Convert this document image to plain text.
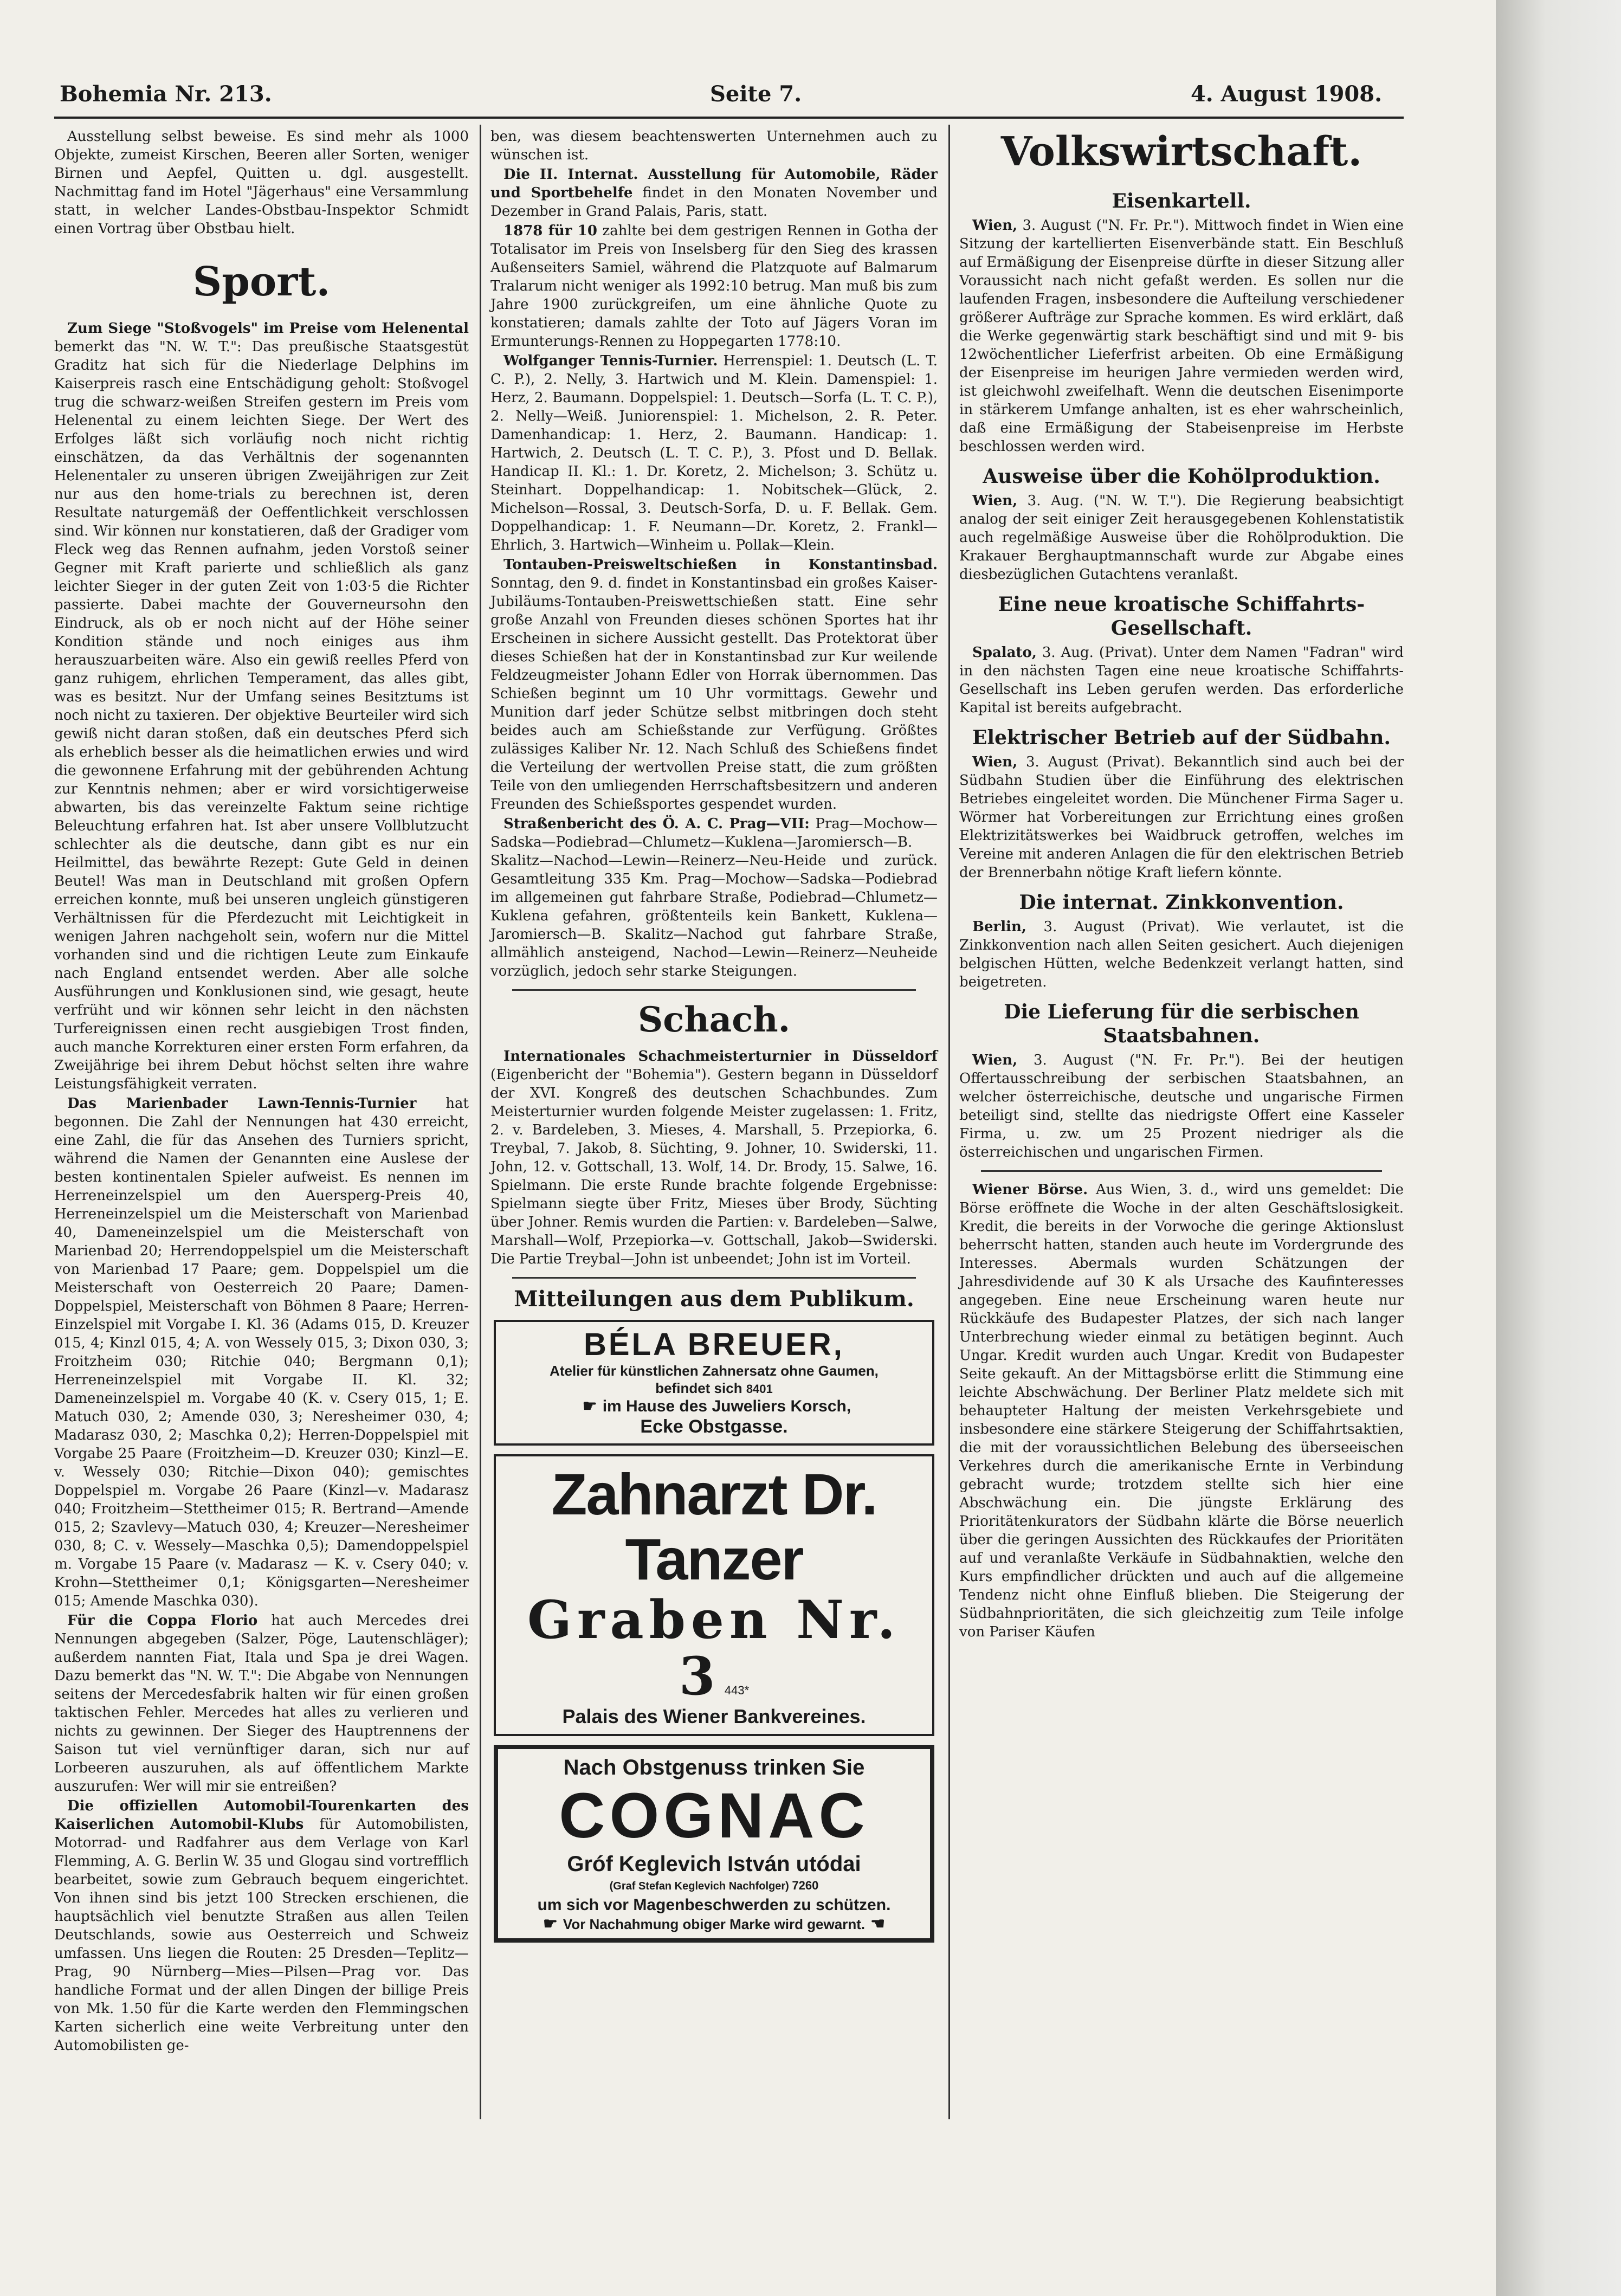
Bohemia Nr. 213.	Seite 7.	4. August 1908.

Ausstellung selbst beweise. Es sind mehr als 1000 Objekte, zumeist Kirschen, Beeren aller Sorten, weniger Birnen und Aepfel, Quitten u. dgl. ausgestellt. Nachmittag fand im Hotel "Jägerhaus" eine Versammlung statt, in welcher Landes-Obstbau-Inspektor Schmidt einen Vortrag über Obstbau hielt.

Sport.

Zum Siege "Stoßvogels" im Preise vom Helenental bemerkt das "N. W. T.": Das preußische Staatsgestüt Graditz hat sich für die Niederlage Delphins im Kaiserpreis rasch eine Entschädigung geholt: Stoßvogel trug die schwarz-weißen Streifen gestern im Preis vom Helenental zu einem leichten Siege. Der Wert des Erfolges läßt sich vorläufig noch nicht richtig einschätzen, da das Verhältnis der sogenannten Helenentaler zu unseren übrigen Zweijährigen zur Zeit nur aus den home-trials zu berechnen ist, deren Resultate naturgemäß der Oeffentlichkeit verschlossen sind. Wir können nur konstatieren, daß der Gradiger vom Fleck weg das Rennen aufnahm, jeden Vorstoß seiner Gegner mit Kraft parierte und schließlich als ganz leichter Sieger in der guten Zeit von 1:03·5 die Richter passierte. Dabei machte der Gouverneursohn den Eindruck, als ob er noch nicht auf der Höhe seiner Kondition stände und noch einiges aus ihm herauszuarbeiten wäre. Also ein gewiß reelles Pferd von ganz ruhigem, ehrlichen Temperament, das alles gibt, was es besitzt. Nur der Umfang seines Besitztums ist noch nicht zu taxieren. Der objektive Beurteiler wird sich gewiß nicht daran stoßen, daß ein deutsches Pferd sich als erheblich besser als die heimatlichen erwies und wird die gewonnene Erfahrung mit der gebührenden Achtung zur Kenntnis nehmen; aber er wird vorsichtigerweise abwarten, bis das vereinzelte Faktum seine richtige Beleuchtung erfahren hat. Ist aber unsere Vollblutzucht schlechter als die deutsche, dann gibt es nur ein Heilmittel, das bewährte Rezept: Gute Geld in deinen Beutel! Was man in Deutschland mit großen Opfern erreichen konnte, muß bei unseren ungleich günstigeren Verhältnissen für die Pferdezucht mit Leichtigkeit in wenigen Jahren nachgeholt sein, wofern nur die Mittel vorhanden sind und die richtigen Leute zum Einkaufe nach England entsendet werden. Aber alle solche Ausführungen und Konklusionen sind, wie gesagt, heute verfrüht und wir können sehr leicht in den nächsten Turfereignissen einen recht ausgiebigen Trost finden, auch manche Korrekturen einer ersten Form erfahren, da Zweijährige bei ihrem Debut höchst selten ihre wahre Leistungsfähigkeit verraten.

Das Marienbader Lawn-Tennis-Turnier hat begonnen. Die Zahl der Nennungen hat 430 erreicht, eine Zahl, die für das Ansehen des Turniers spricht, während die Namen der Genannten eine Auslese der besten kontinentalen Spieler aufweist. Es nennen im Herreneinzelspiel um den Auersperg-Preis 40, Herreneinzelspiel um die Meisterschaft von Marienbad 40, Dameneinzelspiel um die Meisterschaft von Marienbad 20; Herrendoppelspiel um die Meisterschaft von Marienbad 17 Paare; gem. Doppelspiel um die Meisterschaft von Oesterreich 20 Paare; Damen-Doppelspiel, Meisterschaft von Böhmen 8 Paare; Herren-Einzelspiel mit Vorgabe I. Kl. 36 (Adams 015, D. Kreuzer 015, 4; Kinzl 015, 4; A. von Wessely 015, 3; Dixon 030, 3; Froitzheim 030; Ritchie 040; Bergmann 0,1); Herreneinzelspiel mit Vorgabe II. Kl. 32; Dameneinzelspiel m. Vorgabe 40 (K. v. Csery 015, 1; E. Matuch 030, 2; Amende 030, 3; Neresheimer 030, 4; Madarasz 030, 2; Maschka 0,2); Herren-Doppelspiel mit Vorgabe 25 Paare (Froitzheim—D. Kreuzer 030; Kinzl—E. v. Wessely 030; Ritchie—Dixon 040); gemischtes Doppelspiel m. Vorgabe 26 Paare (Kinzl—v. Madarasz 040; Froitzheim—Stettheimer 015; R. Bertrand—Amende 015, 2; Szavlevy—Matuch 030, 4; Kreuzer—Neresheimer 030, 8; C. v. Wessely—Maschka 0,5); Damendoppelspiel m. Vorgabe 15 Paare (v. Madarasz — K. v. Csery 040; v. Krohn—Stettheimer 0,1; Königsgarten—Neresheimer 015; Amende Maschka 030).

Für die Coppa Florio hat auch Mercedes drei Nennungen abgegeben (Salzer, Pöge, Lautenschläger); außerdem nannten Fiat, Itala und Spa je drei Wagen. Dazu bemerkt das "N. W. T.": Die Abgabe von Nennungen seitens der Mercedesfabrik halten wir für einen großen taktischen Fehler. Mercedes hat alles zu verlieren und nichts zu gewinnen. Der Sieger des Hauptrennens der Saison tut viel vernünftiger daran, sich nur auf Lorbeeren auszuruhen, als auf öffentlichem Markte auszurufen: Wer will mir sie entreißen?

Die offiziellen Automobil-Tourenkarten des Kaiserlichen Automobil-Klubs für Automobilisten, Motorrad- und Radfahrer aus dem Verlage von Karl Flemming, A. G. Berlin W. 35 und Glogau sind vortrefflich bearbeitet, sowie zum Gebrauch bequem eingerichtet. Von ihnen sind bis jetzt 100 Strecken erschienen, die hauptsächlich viel benutzte Straßen aus allen Teilen Deutschlands, sowie aus Oesterreich und Schweiz umfassen. Uns liegen die Routen: 25 Dresden—Teplitz—Prag, 90 Nürnberg—Mies—Pilsen—Prag vor. Das handliche Format und der allen Dingen der billige Preis von Mk. 1.50 für die Karte werden den Flemmingschen Karten sicherlich eine weite Verbreitung unter den Automobilisten ge-

ben, was diesem beachtenswerten Unternehmen auch zu wünschen ist.

Die II. Internat. Ausstellung für Automobile, Räder und Sportbehelfe findet in den Monaten November und Dezember in Grand Palais, Paris, statt.

1878 für 10 zahlte bei dem gestrigen Rennen in Gotha der Totalisator im Preis von Inselsberg für den Sieg des krassen Außenseiters Samiel, während die Platzquote auf Balmarum Tralarum nicht weniger als 1992:10 betrug. Man muß bis zum Jahre 1900 zurückgreifen, um eine ähnliche Quote zu konstatieren; damals zahlte der Toto auf Jägers Voran im Ermunterungs-Rennen zu Hoppegarten 1778:10.

Wolfganger Tennis-Turnier. Herrenspiel: 1. Deutsch (L. T. C. P.), 2. Nelly, 3. Hartwich und M. Klein. Damenspiel: 1. Herz, 2. Baumann. Doppelspiel: 1. Deutsch—Sorfa (L. T. C. P.), 2. Nelly—Weiß. Juniorenspiel: 1. Michelson, 2. R. Peter. Damenhandicap: 1. Herz, 2. Baumann. Handicap: 1. Hartwich, 2. Deutsch (L. T. C. P.), 3. Pfost und D. Bellak. Handicap II. Kl.: 1. Dr. Koretz, 2. Michelson; 3. Schütz u. Steinhart. Doppelhandicap: 1. Nobitschek—Glück, 2. Michelson—Rossal, 3. Deutsch-Sorfa, D. u. F. Bellak. Gem. Doppelhandicap: 1. F. Neumann—Dr. Koretz, 2. Frankl—Ehrlich, 3. Hartwich—Winheim u. Pollak—Klein.

Tontauben-Preisweltschießen in Konstantinsbad. Sonntag, den 9. d. findet in Konstantinsbad ein großes Kaiser-Jubiläums-Tontauben-Preiswettschießen statt. Eine sehr große Anzahl von Freunden dieses schönen Sportes hat ihr Erscheinen in sichere Aussicht gestellt. Das Protektorat über dieses Schießen hat der in Konstantinsbad zur Kur weilende Feldzeugmeister Johann Edler von Horrak übernommen. Das Schießen beginnt um 10 Uhr vormittags. Gewehr und Munition darf jeder Schütze selbst mitbringen doch steht beides auch am Schießstande zur Verfügung. Größtes zulässiges Kaliber Nr. 12. Nach Schluß des Schießens findet die Verteilung der wertvollen Preise statt, die zum größten Teile von den umliegenden Herrschaftsbesitzern und anderen Freunden des Schießsportes gespendet wurden.

Straßenbericht des Ö. A. C. Prag—VII: Prag—Mochow—Sadska—Podiebrad—Chlumetz—Kuklena—Jaromiersch—B. Skalitz—Nachod—Lewin—Reinerz—Neu-Heide und zurück. Gesamtleitung 335 Km. Prag—Mochow—Sadska—Podiebrad im allgemeinen gut fahrbare Straße, Podiebrad—Chlumetz—Kuklena gefahren, größtenteils kein Bankett, Kuklena—Jaromiersch—B. Skalitz—Nachod gut fahrbare Straße, allmählich ansteigend, Nachod—Lewin—Reinerz—Neuheide vorzüglich, jedoch sehr starke Steigungen.

Schach.

Internationales Schachmeisterturnier in Düsseldorf (Eigenbericht der "Bohemia"). Gestern begann in Düsseldorf der XVI. Kongreß des deutschen Schachbundes. Zum Meisterturnier wurden folgende Meister zugelassen: 1. Fritz, 2. v. Bardeleben, 3. Mieses, 4. Marshall, 5. Przepiorka, 6. Treybal, 7. Jakob, 8. Süchting, 9. Johner, 10. Swiderski, 11. John, 12. v. Gottschall, 13. Wolf, 14. Dr. Brody, 15. Salwe, 16. Spielmann. Die erste Runde brachte folgende Ergebnisse: Spielmann siegte über Fritz, Mieses über Brody, Süchting über Johner. Remis wurden die Partien: v. Bardeleben—Salwe, Marshall—Wolf, Przepiorka—v. Gottschall, Jakob—Swiderski. Die Partie Treybal—John ist unbeendet; John ist im Vorteil.

Mitteilungen aus dem Publikum.
BÉLA BREUER,
Atelier für künstlichen Zahnersatz ohne Gaumen,
befindet sich 8401
☛ im Hause des Juweliers Korsch,
Ecke Obstgasse.
Zahnarzt Dr. Tanzer
Graben Nr. 3 443*
Palais des Wiener Bankvereines.
Nach Obstgenuss trinken Sie
COGNAC
Gróf Keglevich István utódai
(Graf Stefan Keglevich Nachfolger) 7260
um sich vor Magenbeschwerden zu schützen.
☛ Vor Nachahmung obiger Marke wird gewarnt. ☚
Volkswirtschaft.
Eisenkartell.

Wien, 3. August ("N. Fr. Pr."). Mittwoch findet in Wien eine Sitzung der kartellierten Eisenverbände statt. Ein Beschluß auf Ermäßigung der Eisenpreise dürfte in dieser Sitzung aller Voraussicht nach nicht gefaßt werden. Es sollen nur die laufenden Fragen, insbesondere die Aufteilung verschiedener größerer Aufträge zur Sprache kommen. Es wird erklärt, daß die Werke gegenwärtig stark beschäftigt sind und mit 9- bis 12wöchentlicher Lieferfrist arbeiten. Ob eine Ermäßigung der Eisenpreise im heurigen Jahre vermieden werden wird, ist gleichwohl zweifelhaft. Wenn die deutschen Eisenimporte in stärkerem Umfange anhalten, ist es eher wahrscheinlich, daß eine Ermäßigung der Stabeisenpreise im Herbste beschlossen werden wird.

Ausweise über die Kohölproduktion.

Wien, 3. Aug. ("N. W. T."). Die Regierung beabsichtigt analog der seit einiger Zeit herausgegebenen Kohlenstatistik auch regelmäßige Ausweise über die Rohölproduktion. Die Krakauer Berghauptmannschaft wurde zur Abgabe eines diesbezüglichen Gutachtens veranlaßt.

Eine neue kroatische Schiffahrts-Gesellschaft.

Spalato, 3. Aug. (Privat). Unter dem Namen "Fadran" wird in den nächsten Tagen eine neue kroatische Schiffahrts-Gesellschaft ins Leben gerufen werden. Das erforderliche Kapital ist bereits aufgebracht.

Elektrischer Betrieb auf der Südbahn.

Wien, 3. August (Privat). Bekanntlich sind auch bei der Südbahn Studien über die Einführung des elektrischen Betriebes eingeleitet worden. Die Münchener Firma Sager u. Wörmer hat Vorbereitungen zur Errichtung eines großen Elektrizitätswerkes bei Waidbruck getroffen, welches im Vereine mit anderen Anlagen die für den elektrischen Betrieb der Brennerbahn nötige Kraft liefern könnte.

Die internat. Zinkkonvention.

Berlin, 3. August (Privat). Wie verlautet, ist die Zinkkonvention nach allen Seiten gesichert. Auch diejenigen belgischen Hütten, welche Bedenkzeit verlangt hatten, sind beigetreten.

Die Lieferung für die serbischen Staatsbahnen.

Wien, 3. August ("N. Fr. Pr."). Bei der heutigen Offertausschreibung der serbischen Staatsbahnen, an welcher österreichische, deutsche und ungarische Firmen beteiligt sind, stellte das niedrigste Offert eine Kasseler Firma, u. zw. um 25 Prozent niedriger als die österreichischen und ungarischen Firmen.

Wiener Börse. Aus Wien, 3. d., wird uns gemeldet: Die Börse eröffnete die Woche in der alten Geschäftslosigkeit. Kredit, die bereits in der Vorwoche die geringe Aktionslust beherrscht hatten, standen auch heute im Vordergrunde des Interesses. Abermals wurden Schätzungen der Jahresdividende auf 30 K als Ursache des Kaufinteresses angegeben. Eine neue Erscheinung waren heute nur Rückkäufe des Budapester Platzes, der sich nach langer Unterbrechung wieder einmal zu betätigen beginnt. Auch Ungar. Kredit wurden auch Ungar. Kredit von Budapester Seite gekauft. An der Mittagsbörse erlitt die Stimmung eine leichte Abschwächung. Der Berliner Platz meldete sich mit behaupteter Haltung der meisten Verkehrsgebiete und insbesondere eine stärkere Steigerung der Schiffahrtsaktien, die mit der voraussichtlichen Belebung des überseeischen Verkehres durch die amerikanische Ernte in Verbindung gebracht wurde; trotzdem stellte sich hier eine Abschwächung ein. Die jüngste Erklärung des Prioritätenkurators der Südbahn klärte die Börse neuerlich über die geringen Aussichten des Rückkaufes der Prioritäten auf und veranlaßte Verkäufe in Südbahnaktien, welche den Kurs empfindlicher drückten und auch auf die allgemeine Tendenz nicht ohne Einfluß blieben. Die Steigerung der Südbahnprioritäten, die sich gleichzeitig zum Teile infolge von Pariser Käufen
